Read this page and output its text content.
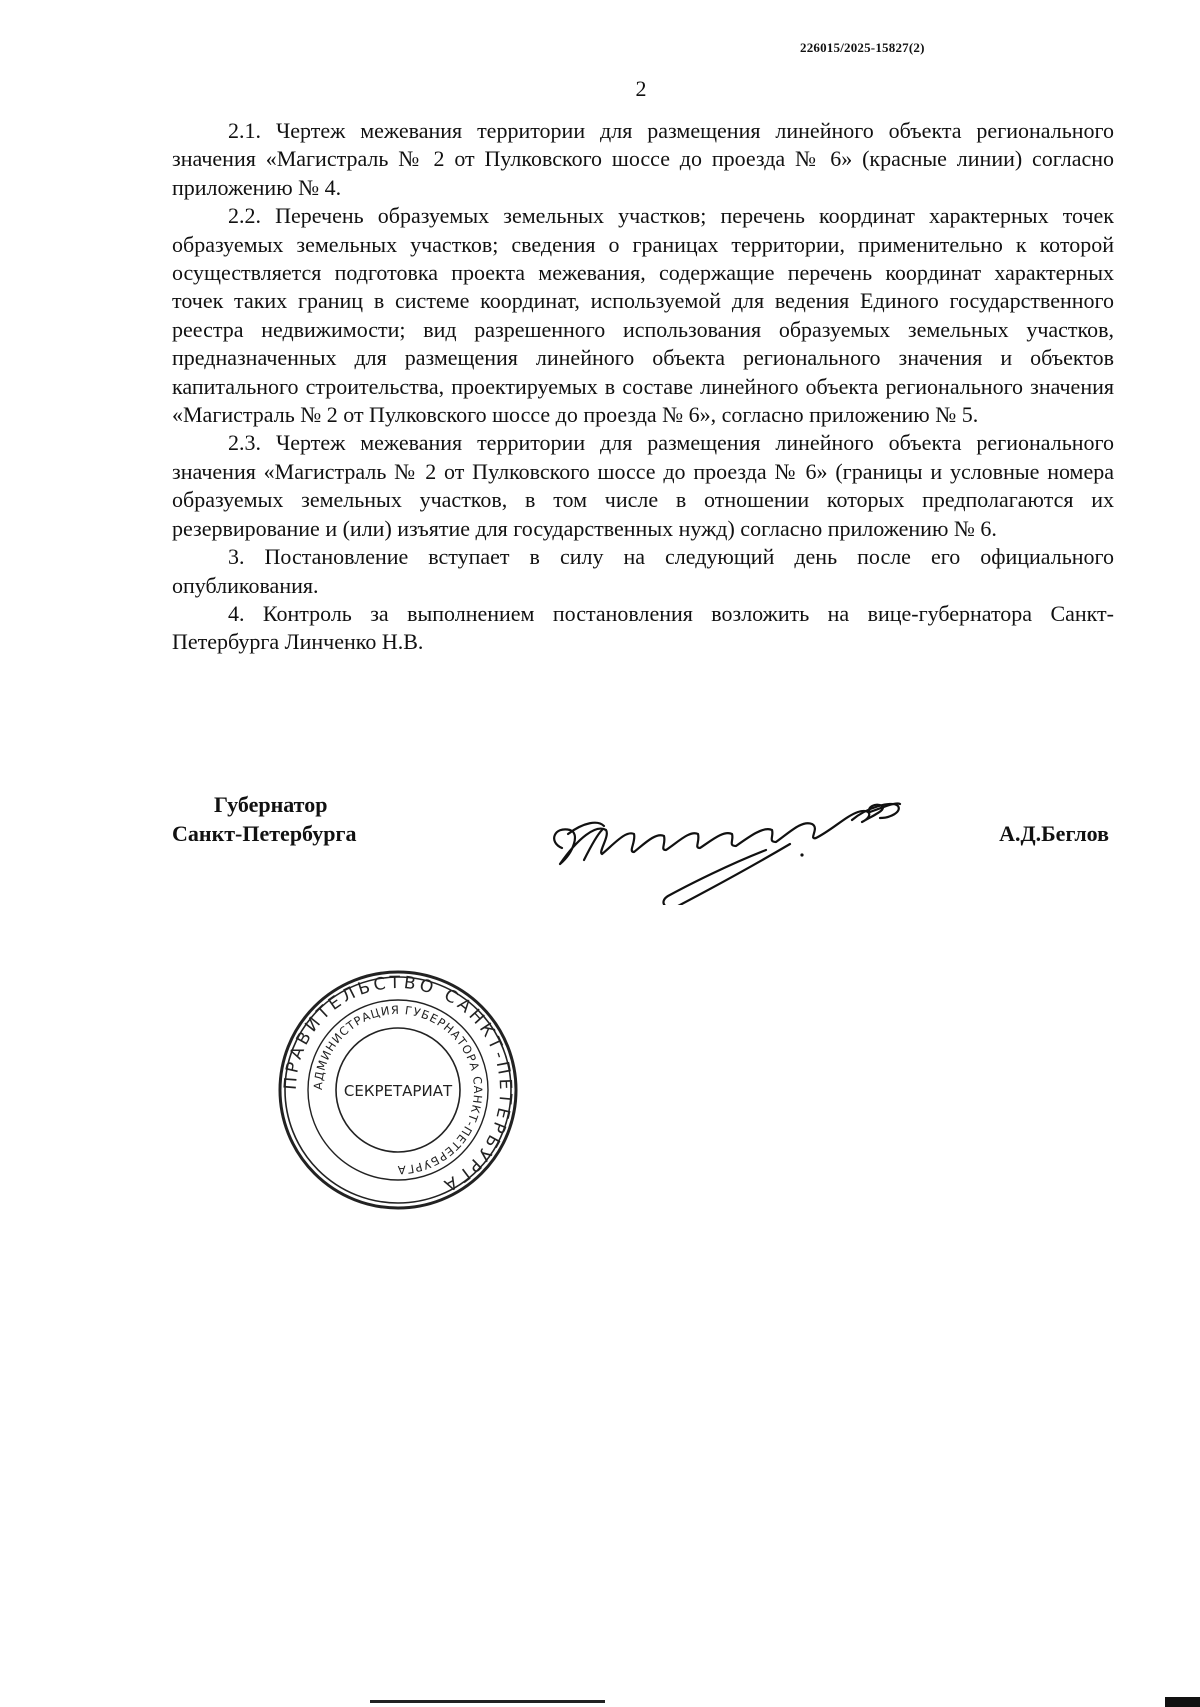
226015/2025-15827(2)
2

2.1. Чертеж межевания территории для размещения линейного объекта регионального значения «Магистраль № 2 от Пулковского шоссе до проезда № 6» (красные линии) согласно приложению № 4.

2.2. Перечень образуемых земельных участков; перечень координат характерных точек образуемых земельных участков; сведения о границах территории, применительно к которой осуществляется подготовка проекта межевания, содержащие перечень координат характерных точек таких границ в системе координат, используемой для ведения Единого государственного реестра недвижимости; вид разрешенного использования образуемых земельных участков, предназначенных для размещения линейного объекта регионального значения и объектов капитального строительства, проектируемых в составе линейного объекта регионального значения «Магистраль № 2 от Пулковского шоссе до проезда № 6», согласно приложению № 5.

2.3. Чертеж межевания территории для размещения линейного объекта регионального значения «Магистраль № 2 от Пулковского шоссе до проезда № 6» (границы и условные номера образуемых земельных участков, в том числе в отношении которых предполагаются их резервирование и (или) изъятие для государственных нужд) согласно приложению № 6.

3. Постановление вступает в силу на следующий день после его официального опубликования.

4. Контроль за выполнением постановления возложить на вице-губернатора Санкт-Петербурга Линченко Н.В.

Губернатор
Санкт-Петербурга	А.Д.Беглов
ПРАВИТЕЛЬСТВО САНКТ-ПЕТЕРБУРГА
АДМИНИСТРАЦИЯ ГУБЕРНАТОРА САНКТ-ПЕТЕРБУРГА
СЕКРЕТАРИАТ
